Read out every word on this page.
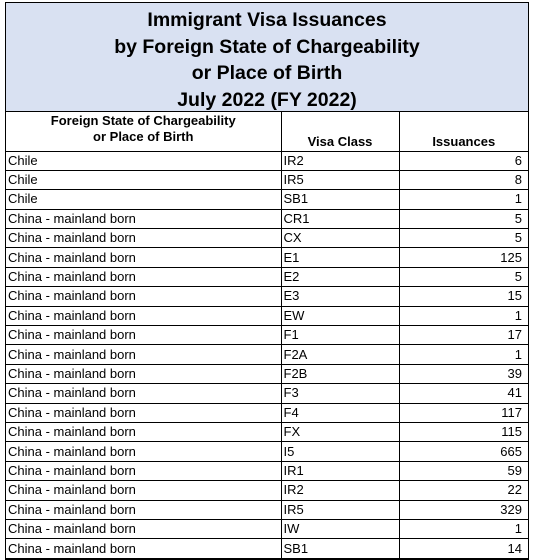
Immigrant Visa Issuances
by Foreign State of Chargeability
or Place of Birth
July 2022 (FY 2022)
Foreign State of Chargeability
or Place of Birth	Visa Class	Issuances
Chile	IR2	6
Chile	IR5	8
Chile	SB1	1
China - mainland born	CR1	5
China - mainland born	CX	5
China - mainland born	E1	125
China - mainland born	E2	5
China - mainland born	E3	15
China - mainland born	EW	1
China - mainland born	F1	17
China - mainland born	F2A	1
China - mainland born	F2B	39
China - mainland born	F3	41
China - mainland born	F4	117
China - mainland born	FX	115
China - mainland born	I5	665
China - mainland born	IR1	59
China - mainland born	IR2	22
China - mainland born	IR5	329
China - mainland born	IW	1
China - mainland born	SB1	14
